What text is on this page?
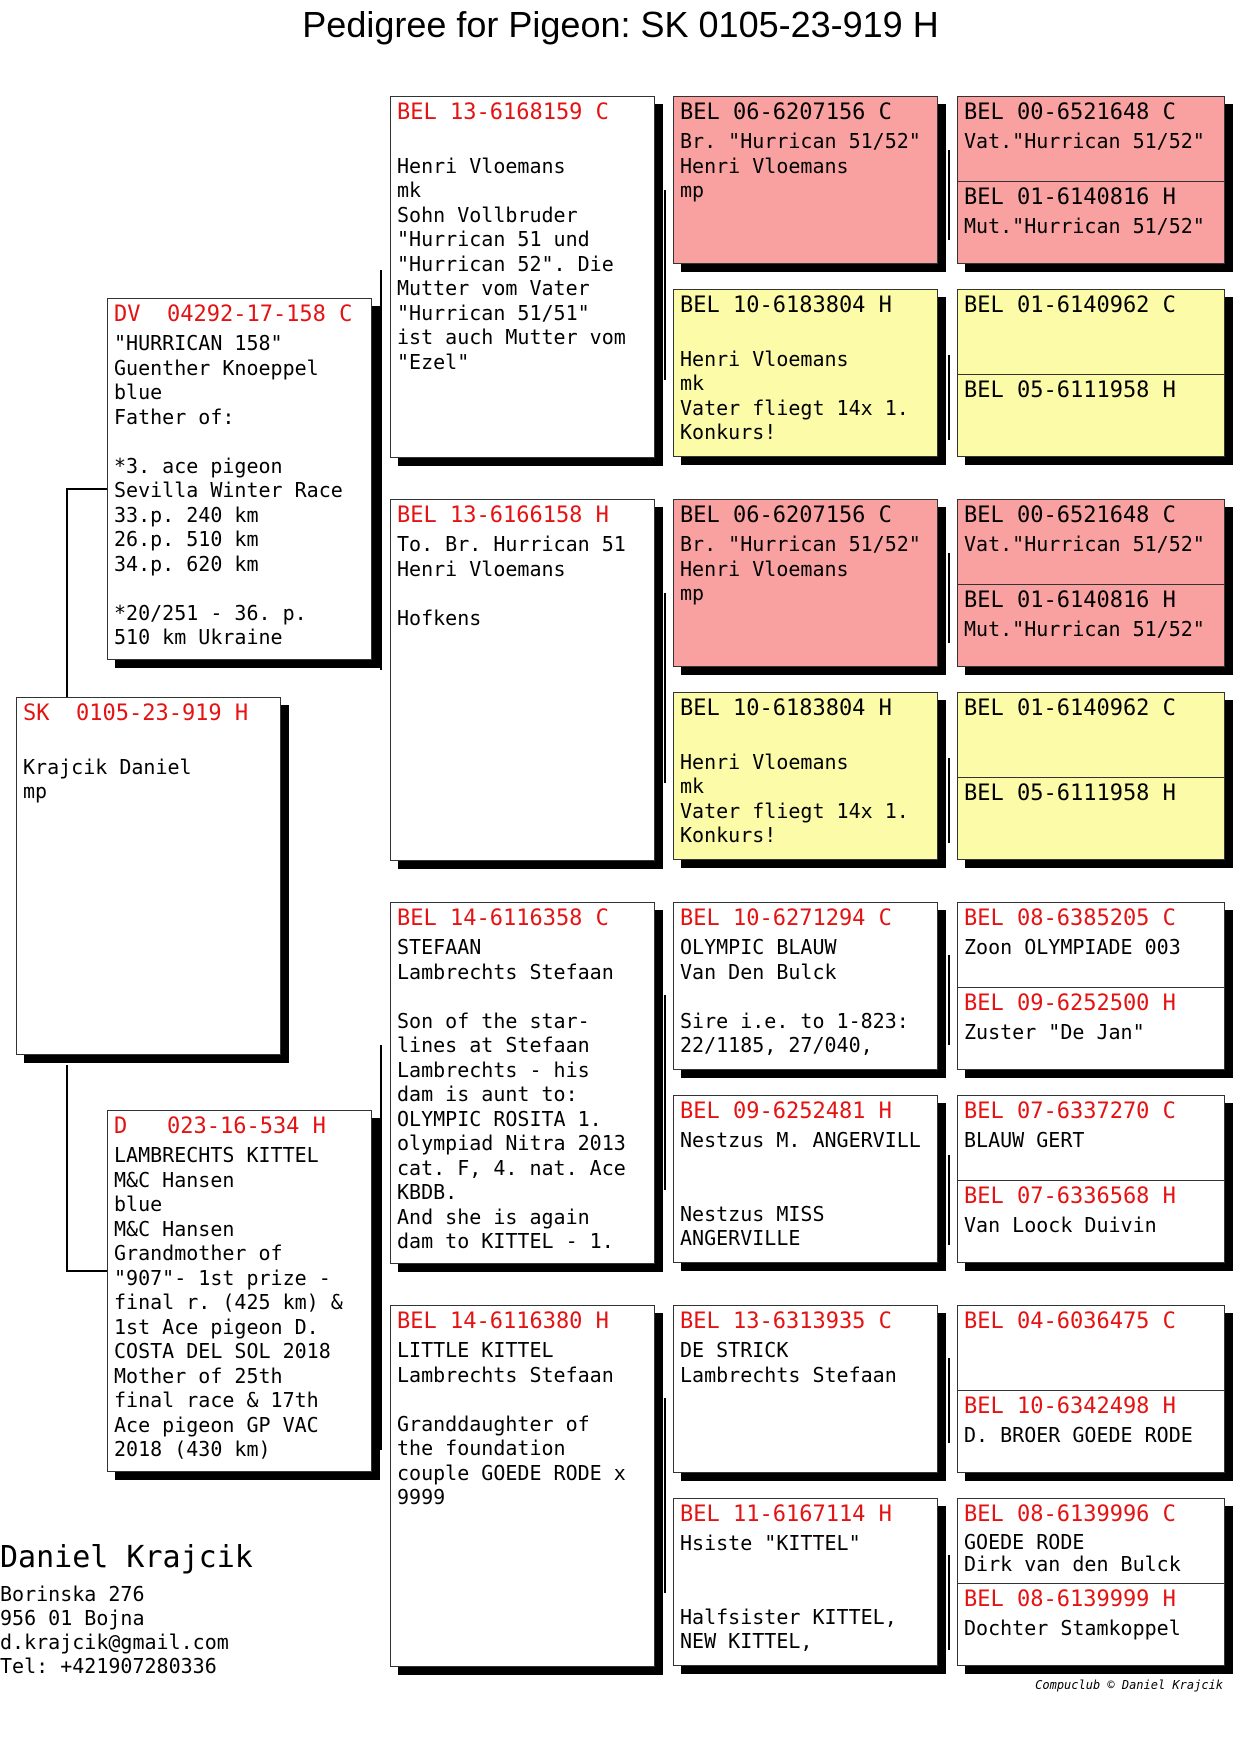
Pedigree for Pigeon: SK 0105-23-919 H
SK  0105-23-919 H

Krajcik Daniel
mp
DV  04292-17-158 C
"HURRICAN 158"
Guenther Knoeppel
blue
Father of:

*3. ace pigeon
Sevilla Winter Race
33.p. 240 km
26.p. 510 km
34.p. 620 km

*20/251 - 36. p.
510 km Ukraine
D   023-16-534 H
LAMBRECHTS KITTEL
M&C Hansen
blue
M&C Hansen
Grandmother of
"907"- 1st prize -
final r. (425 km) &
1st Ace pigeon D.
COSTA DEL SOL 2018
Mother of 25th
final race & 17th
Ace pigeon GP VAC
2018 (430 km)
BEL 13-6168159 C

Henri Vloemans
mk
Sohn Vollbruder
"Hurrican 51 und
"Hurrican 52". Die
Mutter vom Vater
"Hurrican 51/51"
ist auch Mutter vom
"Ezel"
BEL 13-6166158 H
To. Br. Hurrican 51
Henri Vloemans

Hofkens
BEL 14-6116358 C
STEFAAN
Lambrechts Stefaan

Son of the star-
lines at Stefaan
Lambrechts - his
dam is aunt to:
OLYMPIC ROSITA 1.
olympiad Nitra 2013
cat. F, 4. nat. Ace
KBDB.
And she is again
dam to KITTEL - 1.
BEL 14-6116380 H
LITTLE KITTEL
Lambrechts Stefaan

Granddaughter of
the foundation
couple GOEDE RODE x
9999
BEL 06-6207156 C
Br. "Hurrican 51/52"
Henri Vloemans
mp
BEL 10-6183804 H

Henri Vloemans
mk
Vater fliegt 14x 1.
Konkurs!
BEL 06-6207156 C
Br. "Hurrican 51/52"
Henri Vloemans
mp
BEL 10-6183804 H

Henri Vloemans
mk
Vater fliegt 14x 1.
Konkurs!
BEL 10-6271294 C
OLYMPIC BLAUW
Van Den Bulck

Sire i.e. to 1-823:
22/1185, 27/040,
BEL 09-6252481 H
Nestzus M. ANGERVILL

Nestzus MISS
ANGERVILLE
BEL 13-6313935 C
DE STRICK
Lambrechts Stefaan
BEL 11-6167114 H
Hsiste "KITTEL"

Halfsister KITTEL,
NEW KITTEL,
BEL 00-6521648 C
Vat."Hurrican 51/52"
BEL 01-6140816 H
Mut."Hurrican 51/52"
BEL 01-6140962 C
BEL 05-6111958 H
BEL 00-6521648 C
Vat."Hurrican 51/52"
BEL 01-6140816 H
Mut."Hurrican 51/52"
BEL 01-6140962 C
BEL 05-6111958 H
BEL 08-6385205 C
Zoon OLYMPIADE 003
BEL 09-6252500 H
Zuster "De Jan"
BEL 07-6337270 C
BLAUW GERT
BEL 07-6336568 H
Van Loock Duivin
BEL 04-6036475 C
BEL 10-6342498 H
D. BROER GOEDE RODE
BEL 08-6139996 C
GOEDE RODE
Dirk van den Bulck
BEL 08-6139999 H
Dochter Stamkoppel
Daniel Krajcik
Borinska 276
956 01 Bojna
d.krajcik@gmail.com
Tel: +421907280336
Compuclub © Daniel Krajcik
